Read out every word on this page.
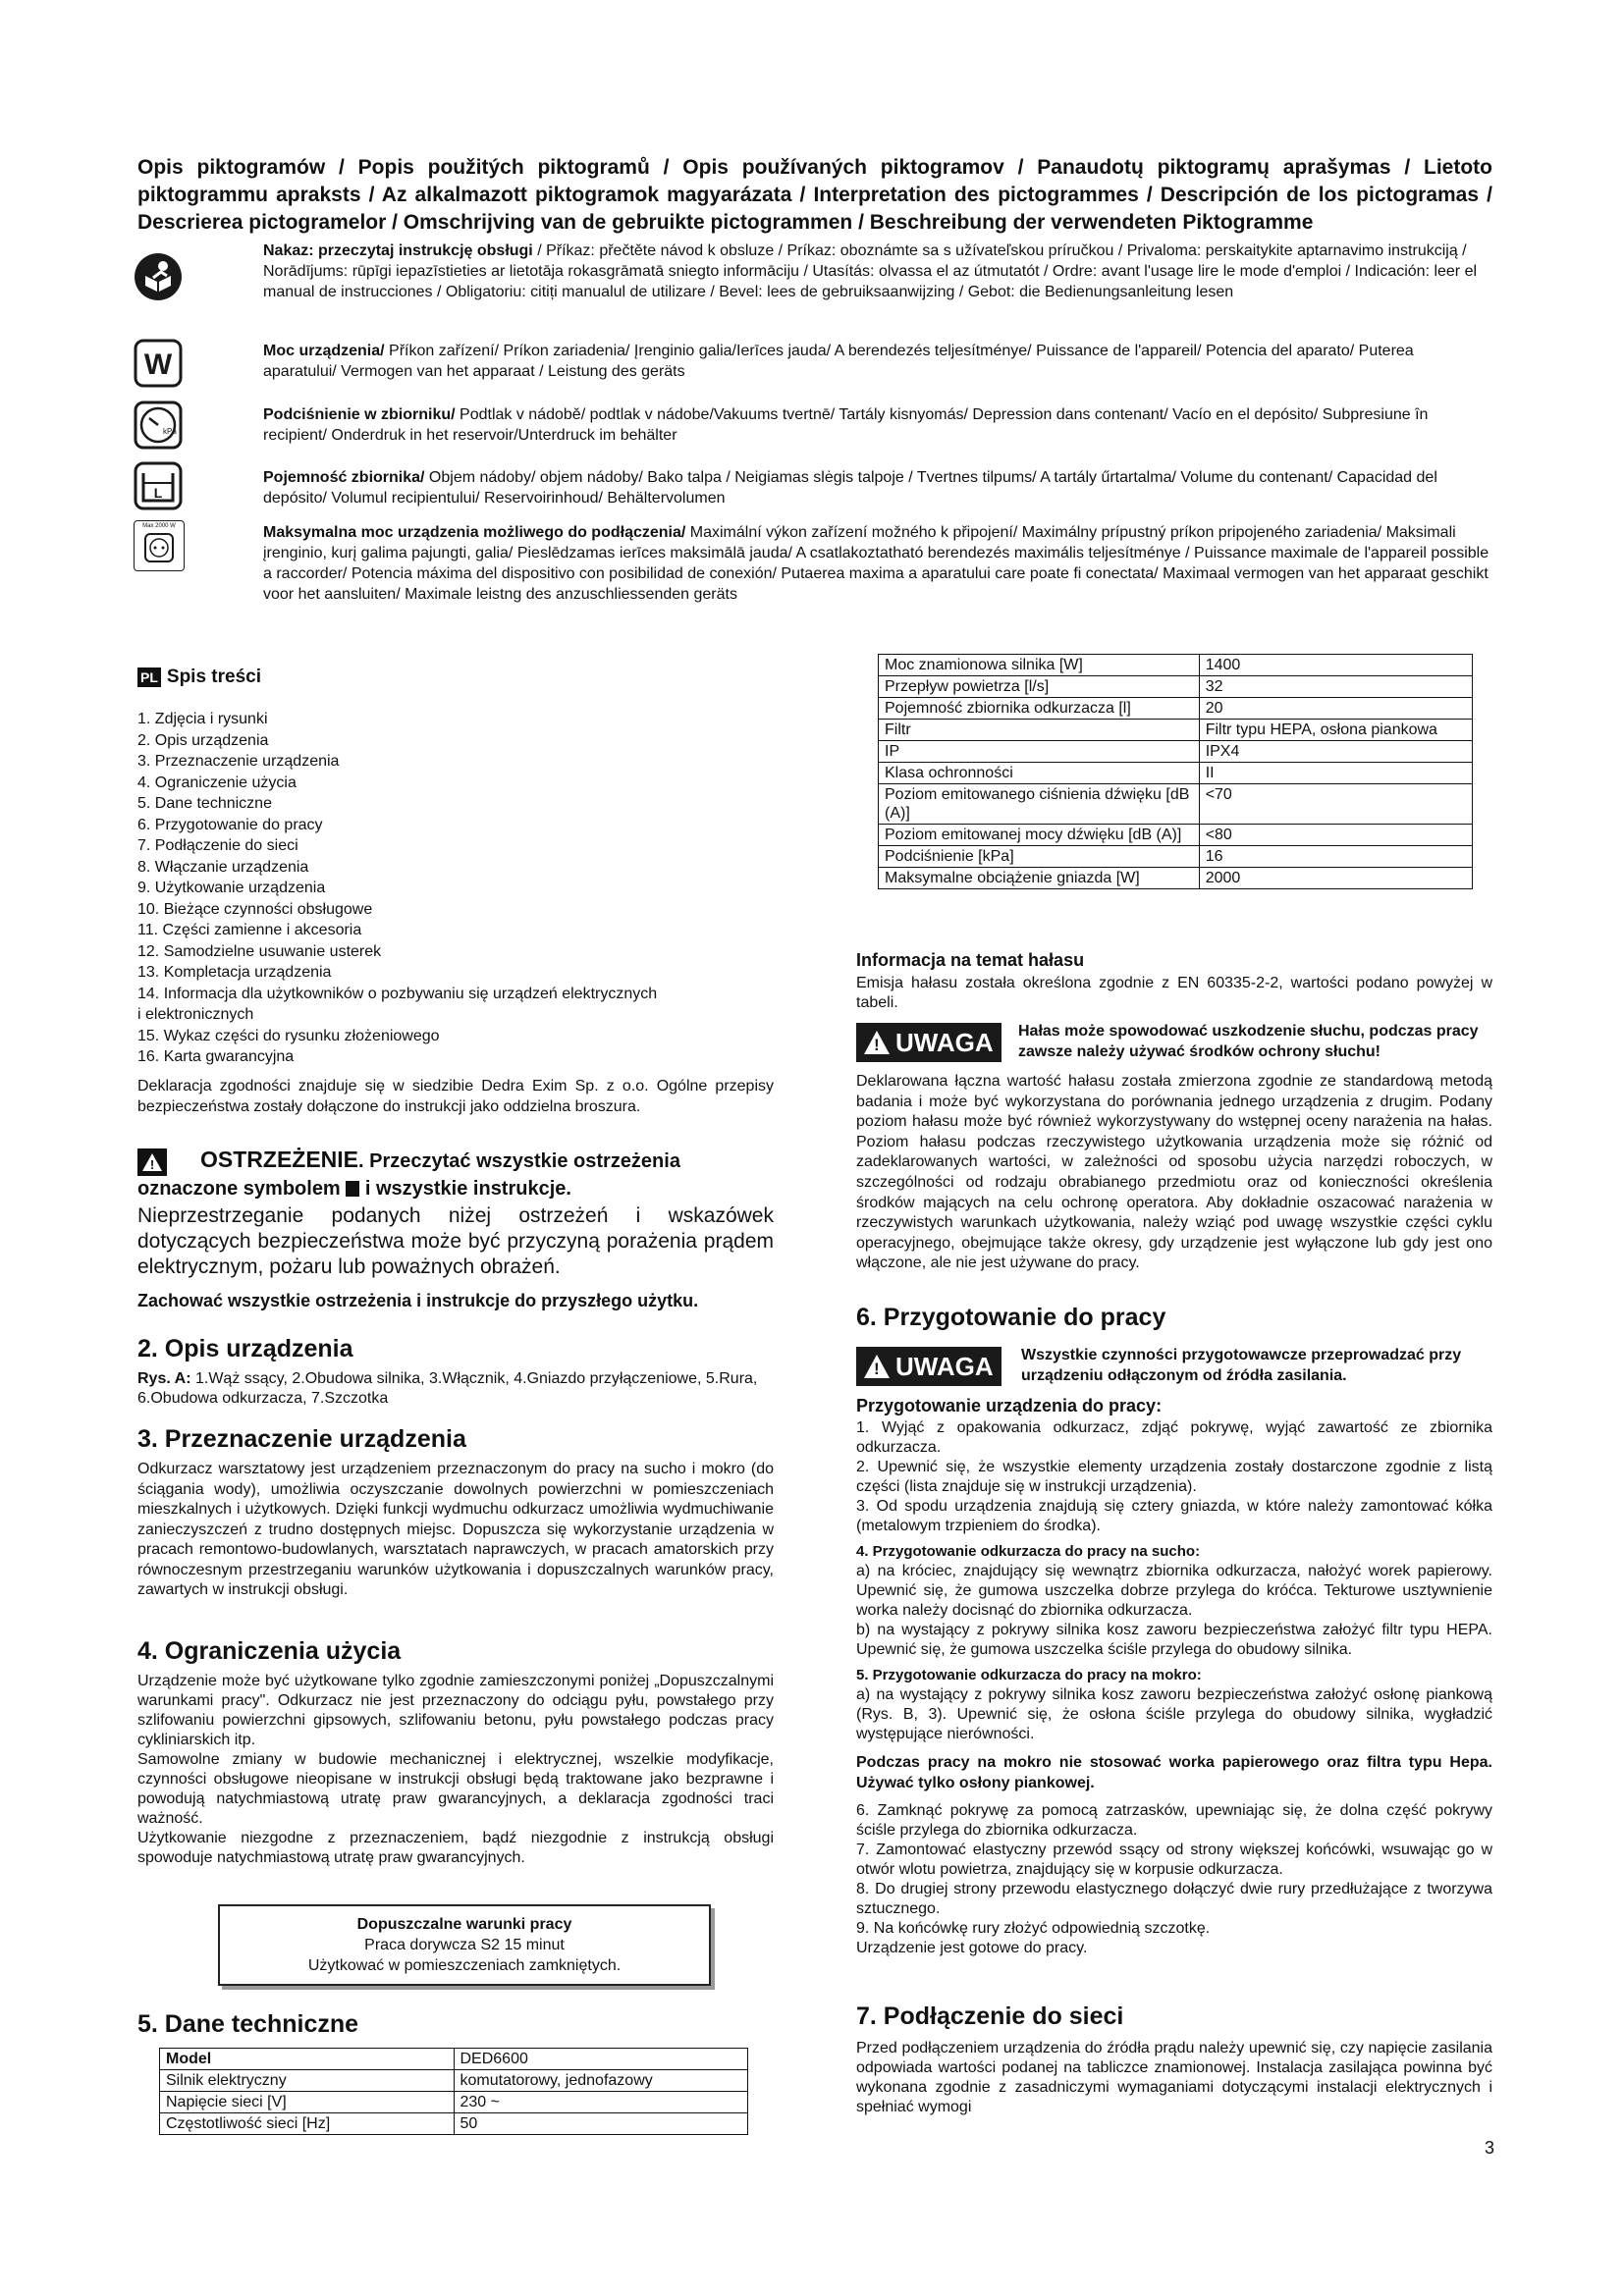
Opis piktogramów / Popis použitých piktogramů / Opis používaných piktogramov / Panaudotų piktogramų aprašymas / Lietoto piktogrammu apraksts / Az alkalmazott piktogramok magyarázata / Interpretation des pictogrammes / Descripción de los pictogramas / Descrierea pictogramelor / Omschrijving van de gebruikte pictogrammen / Beschreibung der verwendeten Piktogramme
Nakaz: przeczytaj instrukcję obsługi / Příkaz: přečtěte návod k obsluze / Príkaz: oboznámte sa s užívateľskou príručkou / Privaloma: perskaitykite aptarnavimo instrukciją / Norādījums: rūpīgi iepazīstieties ar lietotāja rokasgrāmatā sniegto informāciju / Utasítás: olvassa el az útmutatót / Ordre: avant l'usage lire le mode d'emploi / Indicación: leer el manual de instrucciones / Obligatoriu: citiți manualul de utilizare / Bevel: lees de gebruiksaanwijzing / Gebot: die Bedienungsanleitung lesen
W	Moc urządzenia/ Příkon zařízení/ Príkon zariadenia/ Įrenginio galia/Ierīces jauda/ A berendezés teljesítménye/ Puissance de l'appareil/ Potencia del aparato/ Puterea aparatului/ Vermogen van het apparaat / Leistung des geräts
kPa
Podciśnienie w zbiorniku/ Podtlak v nádobě/ podtlak v nádobe/Vakuums tvertnē/ Tartály kisnyomás/ Depression dans contenant/ Vacío en el depósito/ Subpresiune în recipient/ Onderdruk in het reservoir/Unterdruck im behälter
L
Pojemność zbiornika/ Objem nádoby/ objem nádoby/ Bako talpa / Neigiamas slėgis talpoje / Tvertnes tilpums/ A tartály űrtartalma/ Volume du contenant/ Capacidad del depósito/ Volumul recipientului/ Reservoirinhoud/ Behältervolumen
Max 2000 W	Maksymalna moc urządzenia możliwego do podłączenia/ Maximální výkon zařízení možného k připojení/ Maximálny prípustný príkon pripojeného zariadenia/ Maksimali įrenginio, kurį galima pajungti, galia/ Pieslēdzamas ierīces maksimālā jauda/ A csatlakoztatható berendezés maximális teljesítménye / Puissance maximale de l'appareil possible a raccorder/ Potencia máxima del dispositivo con posibilidad de conexión/ Putaerea maxima a aparatului care poate fi conectata/ Maximaal vermogen van het apparaat geschikt voor het aansluiten/ Maximale leistng des anzuschliessenden geräts
PL Spis treści
1. Zdjęcia i rysunki
2. Opis urządzenia
3. Przeznaczenie urządzenia
4. Ograniczenie użycia
5. Dane techniczne
6. Przygotowanie do pracy
7. Podłączenie do sieci
8. Włączanie urządzenia
9. Użytkowanie urządzenia
10. Bieżące czynności obsługowe
11. Części zamienne i akcesoria
12. Samodzielne usuwanie usterek
13. Kompletacja urządzenia
14. Informacja dla użytkowników o pozbywaniu się urządzeń elektrycznych
i elektronicznych
15. Wykaz części do rysunku złożeniowego
16. Karta gwarancyjna
Deklaracja zgodności znajduje się w siedzibie Dedra Exim Sp. z o.o. Ogólne przepisy bezpieczeństwa zostały dołączone do instrukcji jako oddzielna broszura.
! OSTRZEŻENIE. Przeczytać wszystkie ostrzeżenia oznaczone symbolem i wszystkie instrukcje.
Nieprzestrzeganie podanych niżej ostrzeżeń i wskazówek dotyczących bezpieczeństwa może być przyczyną porażenia prądem elektrycznym, pożaru lub poważnych obrażeń.
Zachować wszystkie ostrzeżenia i instrukcje do przyszłego użytku.
2. Opis urządzenia
Rys. A: 1.Wąż ssący, 2.Obudowa silnika, 3.Włącznik, 4.Gniazdo przyłączeniowe, 5.Rura, 6.Obudowa odkurzacza, 7.Szczotka
3. Przeznaczenie urządzenia
Odkurzacz warsztatowy jest urządzeniem przeznaczonym do pracy na sucho i mokro (do ściągania wody), umożliwia oczyszczanie dowolnych powierzchni w pomieszczeniach mieszkalnych i użytkowych. Dzięki funkcji wydmuchu odkurzacz umożliwia wydmuchiwanie zanieczyszczeń z trudno dostępnych miejsc. Dopuszcza się wykorzystanie urządzenia w pracach remontowo-budowlanych, warsztatach naprawczych, w pracach amatorskich przy równoczesnym przestrzeganiu warunków użytkowania i dopuszczalnych warunków pracy, zawartych w instrukcji obsługi.
4. Ograniczenia użycia
Urządzenie może być użytkowane tylko zgodnie zamieszczonymi poniżej „Dopuszczalnymi warunkami pracy". Odkurzacz nie jest przeznaczony do odciągu pyłu, powstałego przy szlifowaniu powierzchni gipsowych, szlifowaniu betonu, pyłu powstałego podczas pracy cykliniarskich itp.
Samowolne zmiany w budowie mechanicznej i elektrycznej, wszelkie modyfikacje, czynności obsługowe nieopisane w instrukcji obsługi będą traktowane jako bezprawne i powodują natychmiastową utratę praw gwarancyjnych, a deklaracja zgodności traci ważność.
Użytkowanie niezgodne z przeznaczeniem, bądź niezgodnie z instrukcją obsługi spowoduje natychmiastową utratę praw gwarancyjnych.
Dopuszczalne warunki pracy
Praca dorywcza S2 15 minut
Użytkować w pomieszczeniach zamkniętych.
5. Dane techniczne
Model	DED6600
Silnik elektryczny	komutatorowy, jednofazowy
Napięcie sieci [V]	230 ~
Częstotliwość sieci [Hz]	50
Moc znamionowa silnika [W]	1400
Przepływ powietrza [l/s]	32
Pojemność zbiornika odkurzacza [l]	20
Filtr	Filtr typu HEPA, osłona piankowa
IP	IPX4
Klasa ochronności	II
Poziom emitowanego ciśnienia dźwięku [dB (A)]	<70
Poziom emitowanej mocy dźwięku [dB (A)]	<80
Podciśnienie [kPa]	16
Maksymalne obciążenie gniazda [W]	2000
Informacja na temat hałasu
Emisja hałasu została określona zgodnie z EN 60335-2-2, wartości podano powyżej w tabeli.
! UWAGA Hałas może spowodować uszkodzenie słuchu, podczas pracy zawsze należy używać środków ochrony słuchu!
Deklarowana łączna wartość hałasu została zmierzona zgodnie ze standardową metodą badania i może być wykorzystana do porównania jednego urządzenia z drugim. Podany poziom hałasu może być również wykorzystywany do wstępnej oceny narażenia na hałas. Poziom hałasu podczas rzeczywistego użytkowania urządzenia może się różnić od zadeklarowanych wartości, w zależności od sposobu użycia narzędzi roboczych, w szczególności od rodzaju obrabianego przedmiotu oraz od konieczności określenia środków mających na celu ochronę operatora. Aby dokładnie oszacować narażenia w rzeczywistych warunkach użytkowania, należy wziąć pod uwagę wszystkie części cyklu operacyjnego, obejmujące także okresy, gdy urządzenie jest wyłączone lub gdy jest ono włączone, ale nie jest używane do pracy.
6. Przygotowanie do pracy
! UWAGA Wszystkie czynności przygotowawcze przeprowadzać przy urządzeniu odłączonym od źródła zasilania.
Przygotowanie urządzenia do pracy:
1. Wyjąć z opakowania odkurzacz, zdjąć pokrywę, wyjąć zawartość ze zbiornika odkurzacza.
2. Upewnić się, że wszystkie elementy urządzenia zostały dostarczone zgodnie z listą części (lista znajduje się w instrukcji urządzenia).
3. Od spodu urządzenia znajdują się cztery gniazda, w które należy zamontować kółka (metalowym trzpieniem do środka).
4. Przygotowanie odkurzacza do pracy na sucho:
a) na króciec, znajdujący się wewnątrz zbiornika odkurzacza, nałożyć worek papierowy. Upewnić się, że gumowa uszczelka dobrze przylega do króćca. Tekturowe usztywnienie worka należy docisnąć do zbiornika odkurzacza.
b) na wystający z pokrywy silnika kosz zaworu bezpieczeństwa założyć filtr typu HEPA. Upewnić się, że gumowa uszczelka ściśle przylega do obudowy silnika.
5. Przygotowanie odkurzacza do pracy na mokro:
a) na wystający z pokrywy silnika kosz zaworu bezpieczeństwa założyć osłonę piankową (Rys. B, 3). Upewnić się, że osłona ściśle przylega do obudowy silnika, wygładzić występujące nierówności.
Podczas pracy na mokro nie stosować worka papierowego oraz filtra typu Hepa. Używać tylko osłony piankowej.
6. Zamknąć pokrywę za pomocą zatrzasków, upewniając się, że dolna część pokrywy ściśle przylega do zbiornika odkurzacza.
7. Zamontować elastyczny przewód ssący od strony większej końcówki, wsuwając go w otwór wlotu powietrza, znajdujący się w korpusie odkurzacza.
8. Do drugiej strony przewodu elastycznego dołączyć dwie rury przedłużające z tworzywa sztucznego.
9. Na końcówkę rury złożyć odpowiednią szczotkę.
Urządzenie jest gotowe do pracy.
7. Podłączenie do sieci
Przed podłączeniem urządzenia do źródła prądu należy upewnić się, czy napięcie zasilania odpowiada wartości podanej na tabliczce znamionowej. Instalacja zasilająca powinna być wykonana zgodnie z zasadniczymi wymaganiami dotyczącymi instalacji elektrycznych i spełniać wymogi
3
